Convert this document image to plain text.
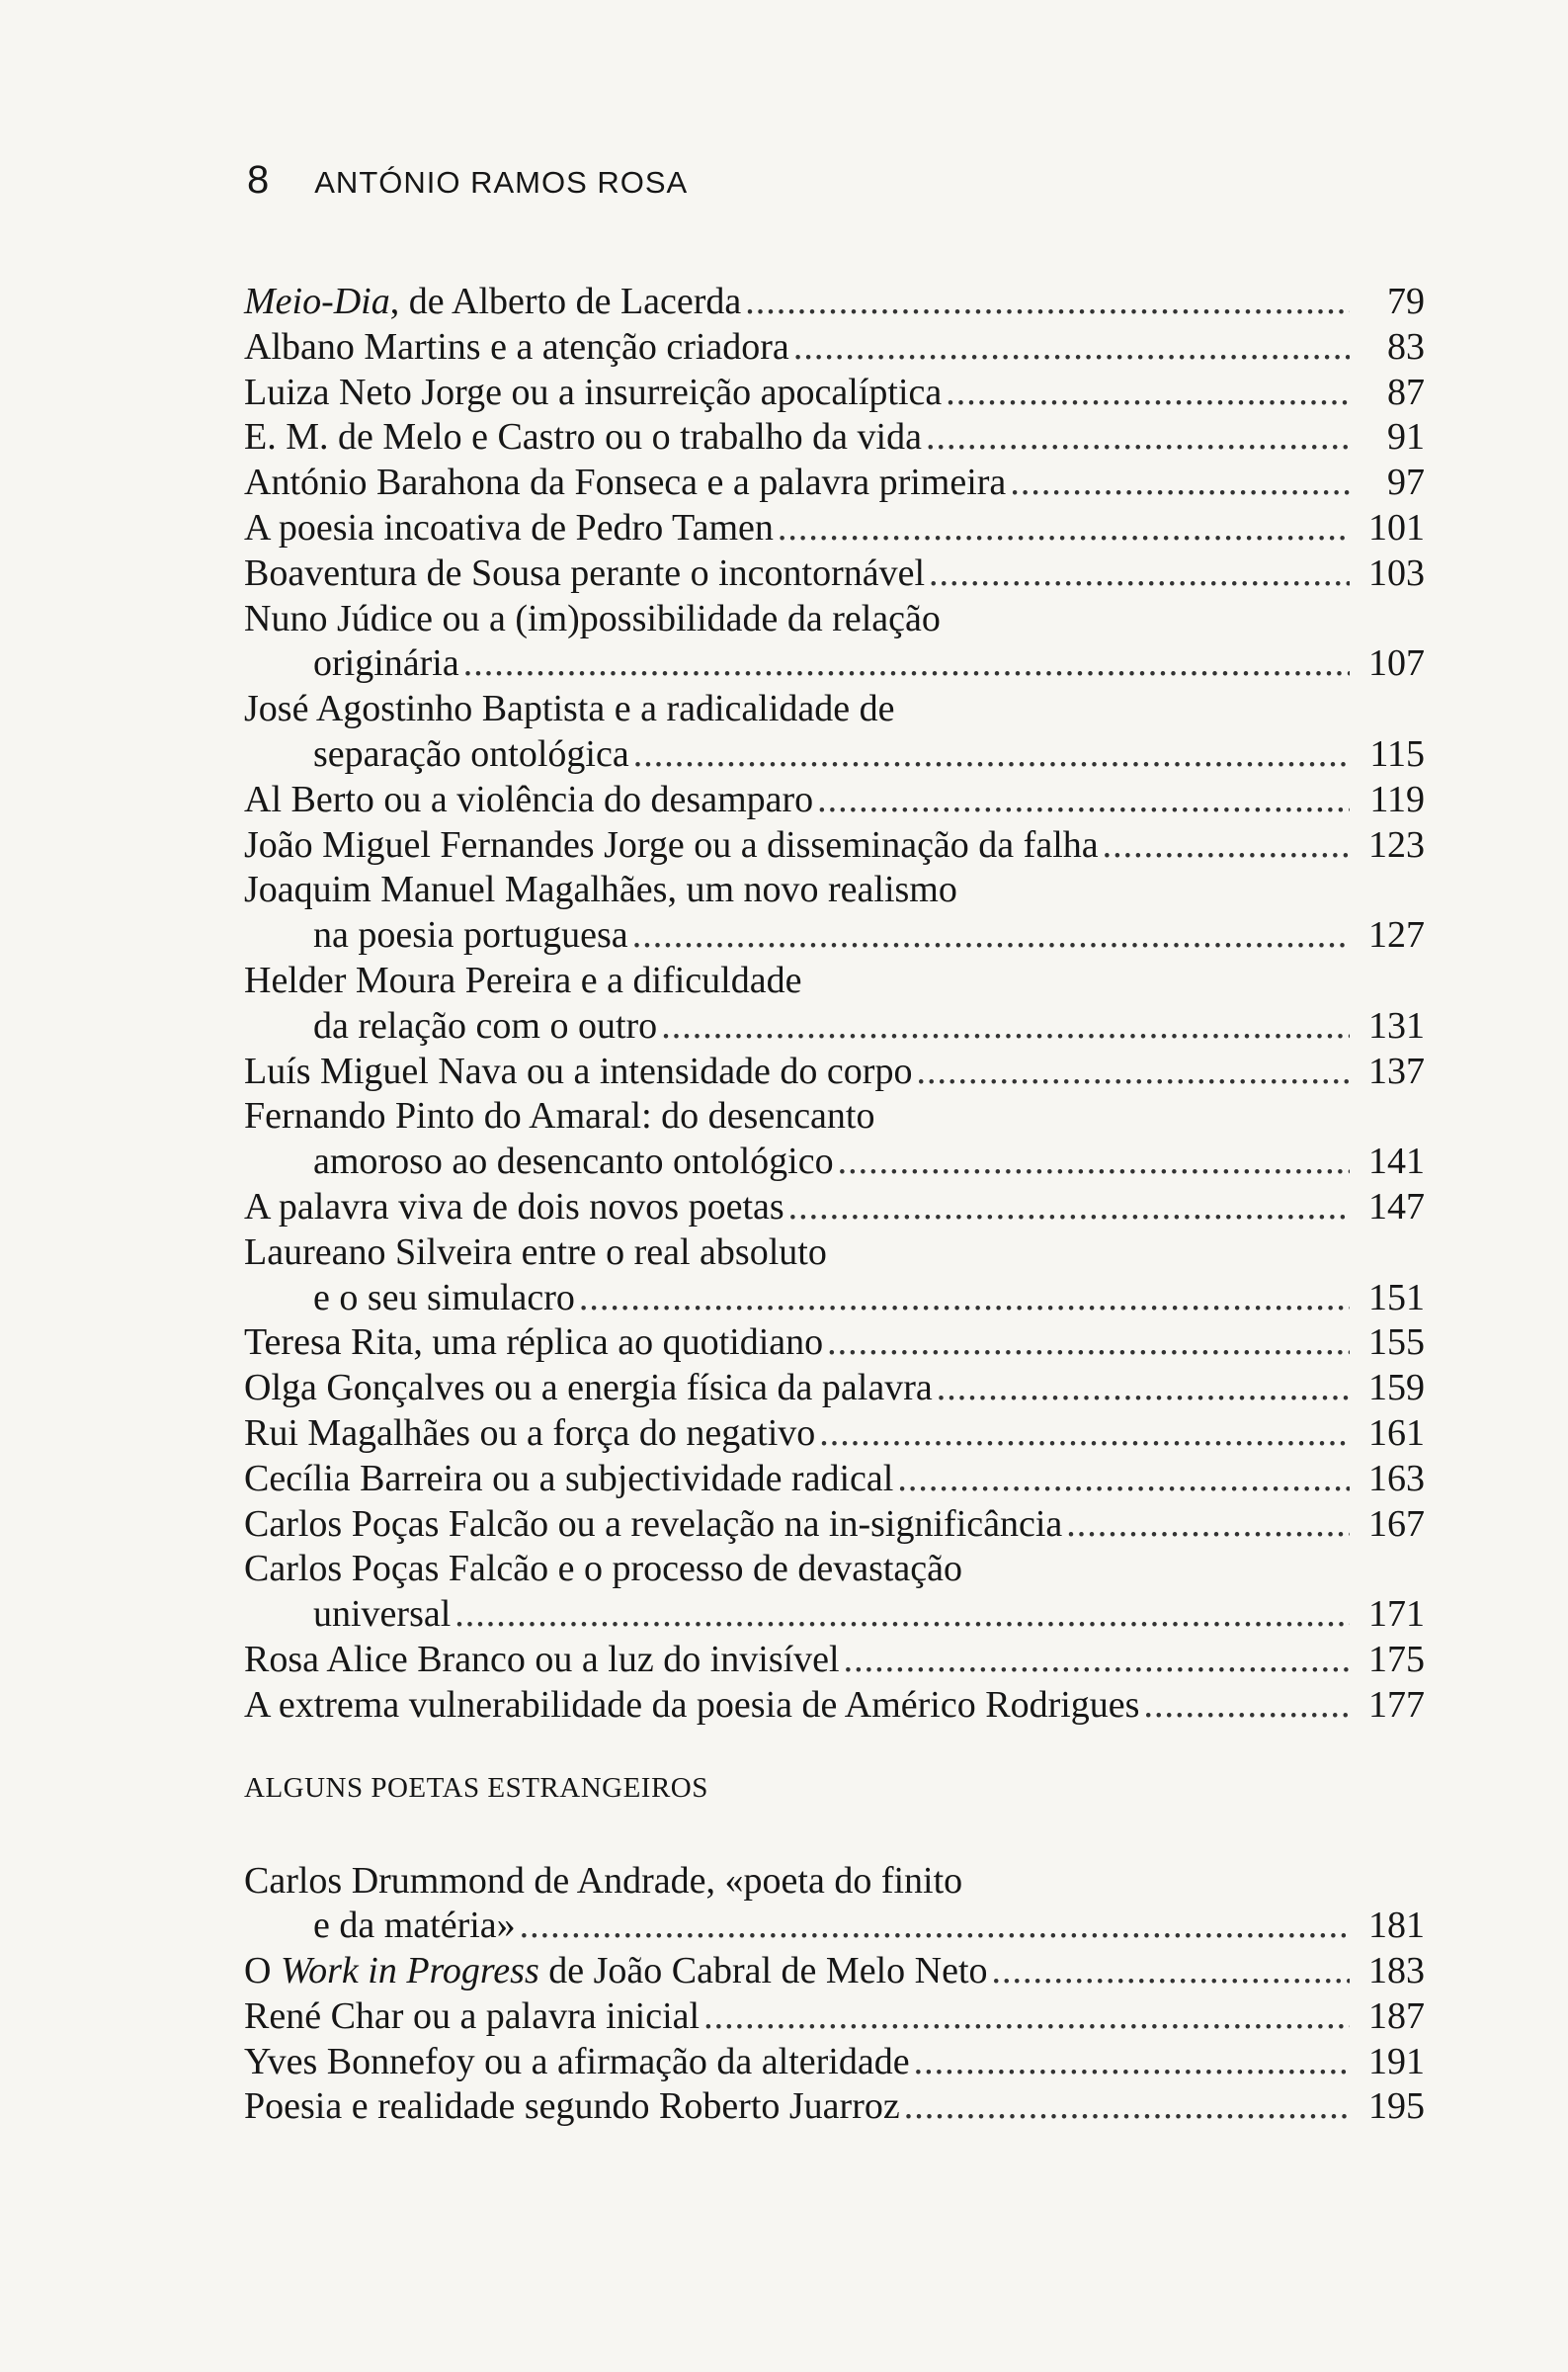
8 ANTÓNIO RAMOS ROSA
Meio-Dia, de Alberto de Lacerda .....	79
Albano Martins e a atenção criadora .....	83
Luiza Neto Jorge ou a insurreição apocalíptica .....	87
E. M. de Melo e Castro ou o trabalho da vida .....	91
António Barahona da Fonseca e a palavra primeira .....	97
A poesia incoativa de Pedro Tamen .....	101
Boaventura de Sousa perante o incontornável .....	103
Nuno Júdice ou a (im)possibilidade da relação
originária .....	107
José Agostinho Baptista e a radicalidade de
separação ontológica .....	115
Al Berto ou a violência do desamparo .....	119
João Miguel Fernandes Jorge ou a disseminação da falha .....	123
Joaquim Manuel Magalhães, um novo realismo
na poesia portuguesa .....	127
Helder Moura Pereira e a dificuldade
da relação com o outro .....	131
Luís Miguel Nava ou a intensidade do corpo .....	137
Fernando Pinto do Amaral: do desencanto
amoroso ao desencanto ontológico .....	141
A palavra viva de dois novos poetas .....	147
Laureano Silveira entre o real absoluto
e o seu simulacro .....	151
Teresa Rita, uma réplica ao quotidiano .....	155
Olga Gonçalves ou a energia física da palavra .....	159
Rui Magalhães ou a força do negativo .....	161
Cecília Barreira ou a subjectividade radical .....	163
Carlos Poças Falcão ou a revelação na in-significância .....	167
Carlos Poças Falcão e o processo de devastação
universal .....	171
Rosa Alice Branco ou a luz do invisível .....	175
A extrema vulnerabilidade da poesia de Américo Rodrigues .....	177
ALGUNS POETAS ESTRANGEIROS
Carlos Drummond de Andrade, «poeta do finito
e da matéria» .....	181
O Work in Progress de João Cabral de Melo Neto .....	183
René Char ou a palavra inicial .....	187
Yves Bonnefoy ou a afirmação da alteridade .....	191
Poesia e realidade segundo Roberto Juarroz .....	195
